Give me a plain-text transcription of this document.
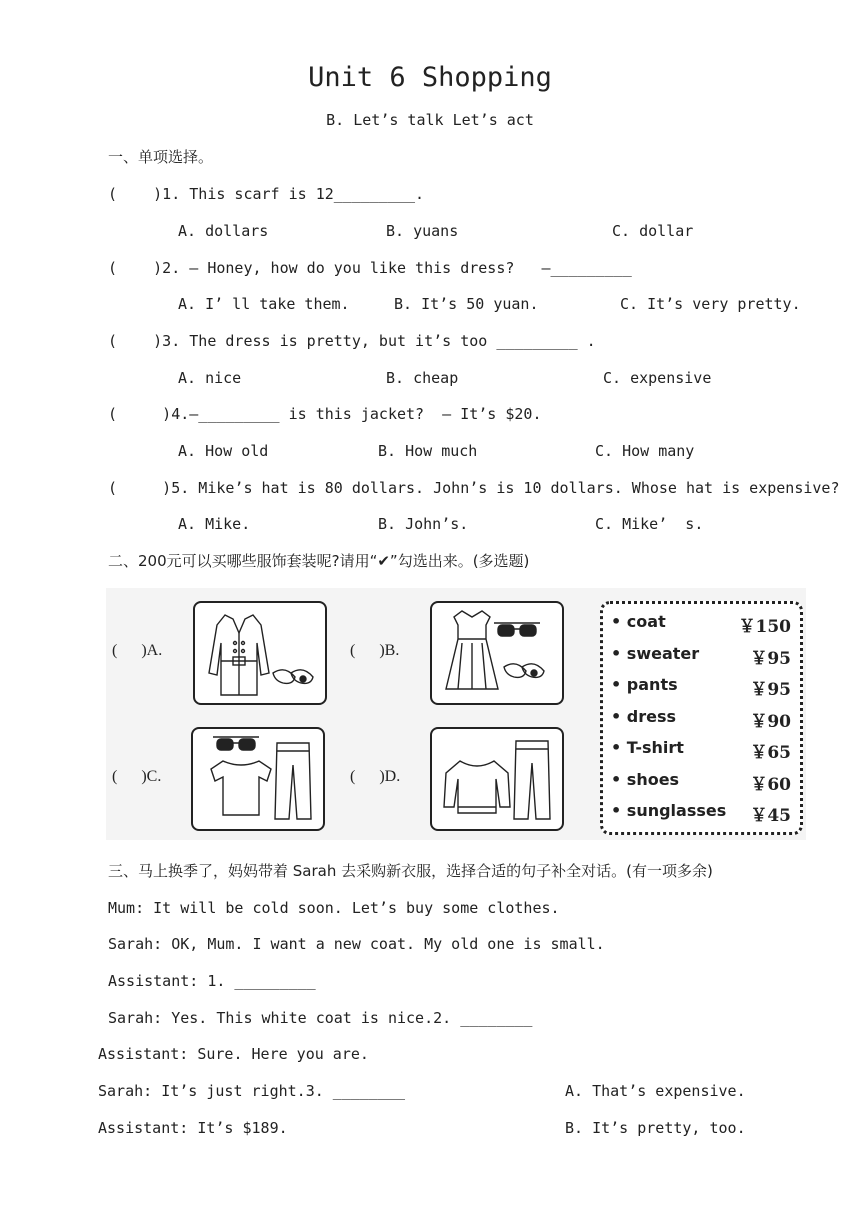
Unit 6 Shopping
B. Let’s talk Let’s act
一、单项选择。
(    )1. This scarf is 12_________.
A. dollars	B. yuans	C. dollar
(    )2. — Honey, how do you like this dress?   —_________
A. I’ ll take them.	B. It’s 50 yuan.	C. It’s very pretty.
(    )3. The dress is pretty, but it’s too _________ .
A. nice	B. cheap	C. expensive
(     )4.—_________ is this jacket?  — It’s $20.
A. How old	B. How much	C. How many
(     )5. Mike’s hat is 80 dollars. John’s is 10 dollars. Whose hat is expensive?
A. Mike.	B. John’s.	C. Mike’  s.
二、200元可以买哪些服饰套装呢?请用“✔”勾选出来。(多选题)
(      )A.	(      )B.
(      )C.	(      )D.
• coat	￥150
• sweater	￥95
• pants	￥95
• dress	￥90
• T-shirt	￥65
• shoes	￥60
• sunglasses ￥45
三、马上换季了，妈妈带着 Sarah 去采购新衣服，选择合适的句子补全对话。(有一项多余)
Mum: It will be cold soon. Let’s buy some clothes.
Sarah: OK, Mum. I want a new coat. My old one is small.
Assistant: 1. _________
Sarah: Yes. This white coat is nice.2. ________
Assistant: Sure. Here you are.
Sarah: It’s just right.3. ________
Assistant: It’s $189.
A. That’s expensive.
B. It’s pretty, too.
